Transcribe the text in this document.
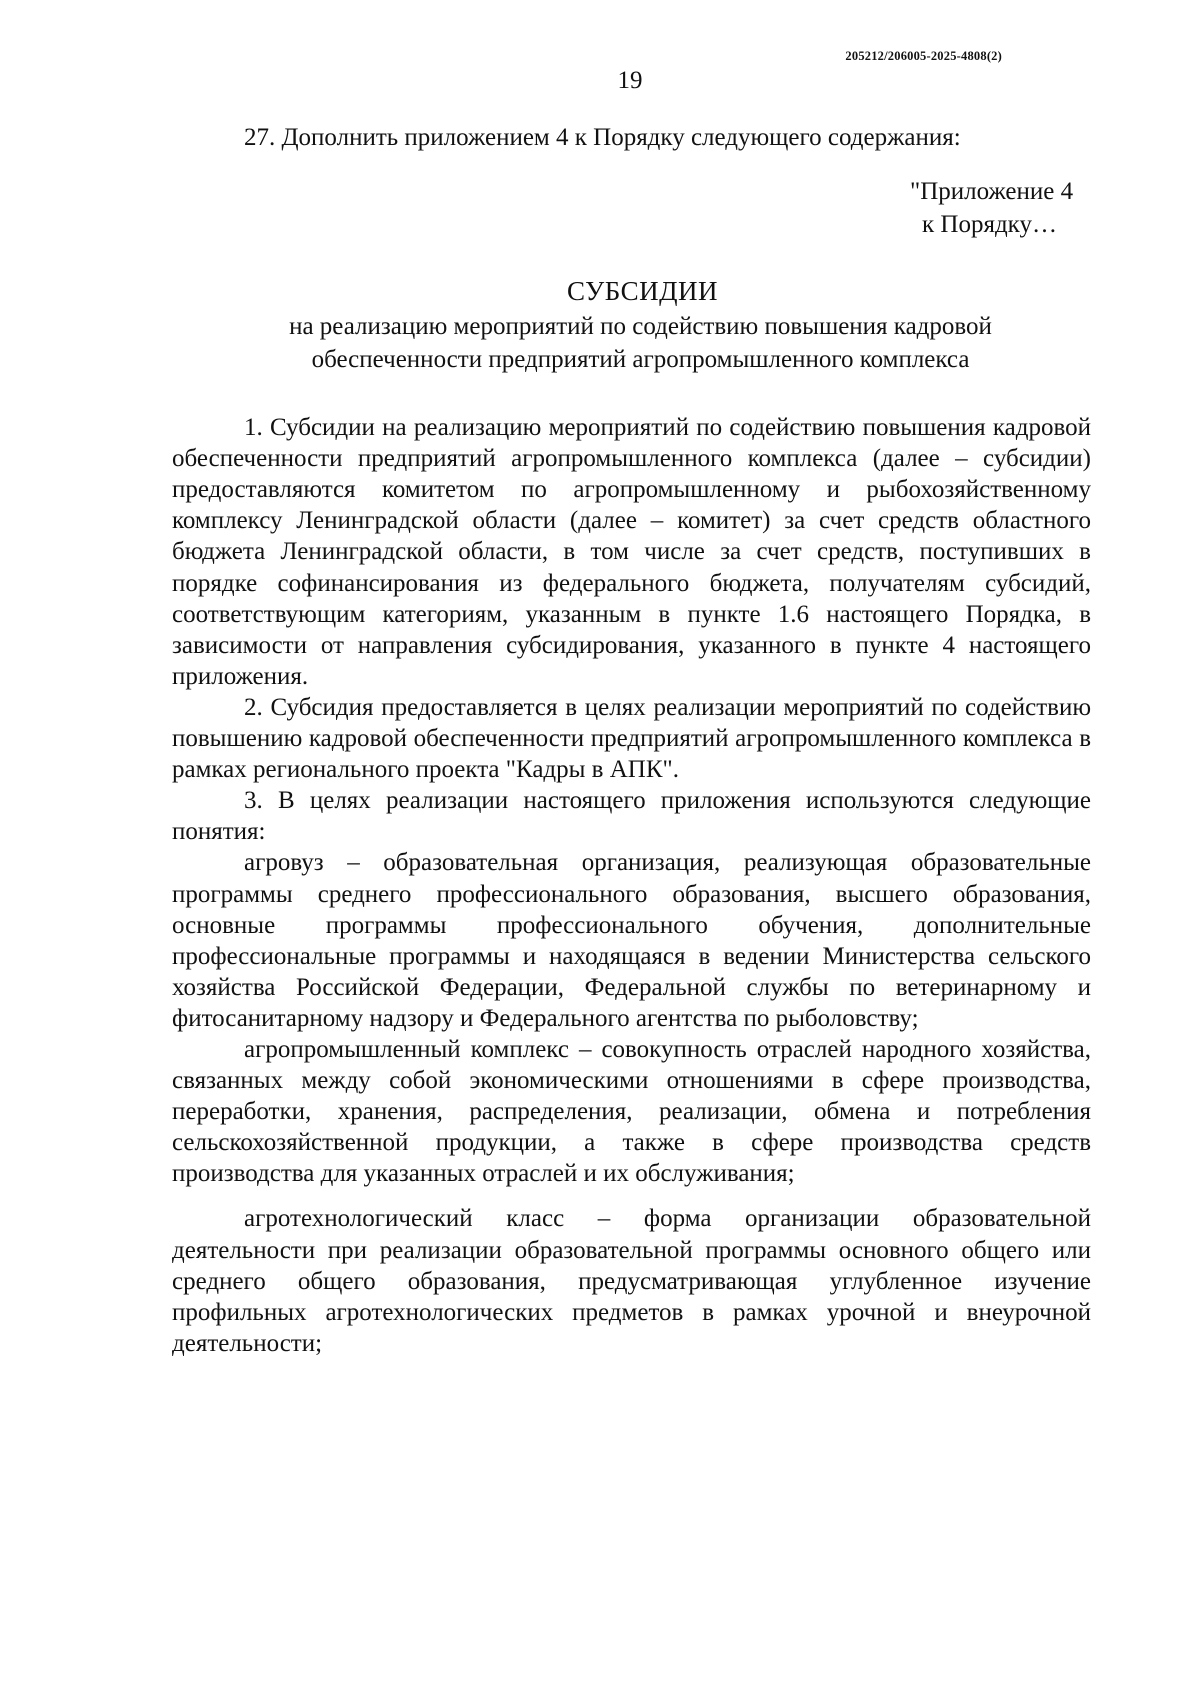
205212/206005-2025-4808(2)
19

27. Дополнить приложением 4 к Порядку следующего содержания:

"Приложение 4
к Порядку…
СУБСИДИИ
на реализацию мероприятий по содействию повышения кадровой обеспеченности предприятий агропромышленного комплекса

1. Субсидии на реализацию мероприятий по содействию повышения кадровой обеспеченности предприятий агропромышленного комплекса (далее – субсидии) предоставляются комитетом по агропромышленному и рыбохозяйственному комплексу Ленинградской области (далее – комитет) за счет средств областного бюджета Ленинградской области, в том числе за счет средств, поступивших в порядке софинансирования из федерального бюджета, получателям субсидий, соответствующим категориям, указанным в пункте 1.6 настоящего Порядка, в зависимости от направления субсидирования, указанного в пункте 4 настоящего приложения.

2. Субсидия предоставляется в целях реализации мероприятий по содействию повышению кадровой обеспеченности предприятий агропромышленного комплекса в рамках регионального проекта "Кадры в АПК".

3. В целях реализации настоящего приложения используются следующие понятия:

агровуз – образовательная организация, реализующая образовательные программы среднего профессионального образования, высшего образования, основные программы профессионального обучения, дополнительные профессиональные программы и находящаяся в ведении Министерства сельского хозяйства Российской Федерации, Федеральной службы по ветеринарному и фитосанитарному надзору и Федерального агентства по рыболовству;

агропромышленный комплекс – совокупность отраслей народного хозяйства, связанных между собой экономическими отношениями в сфере производства, переработки, хранения, распределения, реализации, обмена и потребления сельскохозяйственной продукции, а также в сфере производства средств производства для указанных отраслей и их обслуживания;

агротехнологический класс – форма организации образовательной деятельности при реализации образовательной программы основного общего или среднего общего образования, предусматривающая углубленное изучение профильных агротехнологических предметов в рамках урочной и внеурочной деятельности;
